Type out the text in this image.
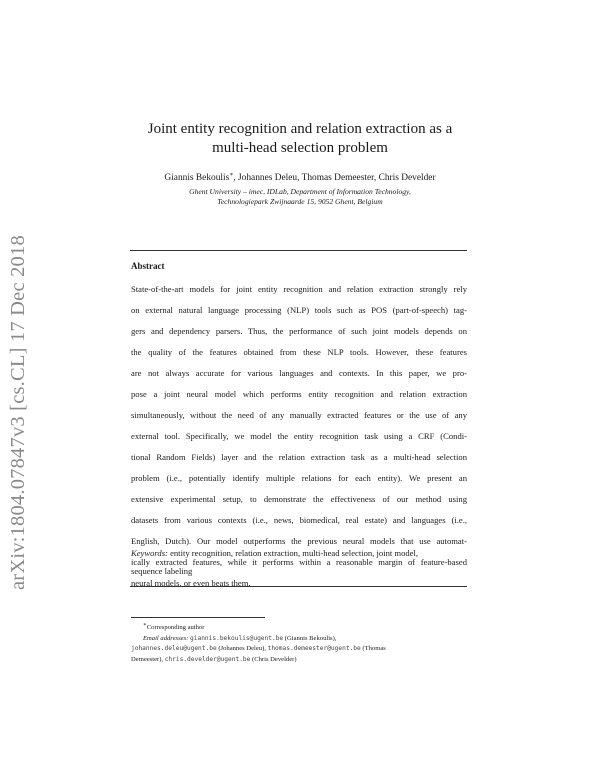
arXiv:1804.07847v3 [cs.CL] 17 Dec 2018
Joint entity recognition and relation extraction as a
multi-head selection problem
Giannis Bekoulis∗, Johannes Deleu, Thomas Demeester, Chris Develder
Ghent University – imec, IDLab, Department of Information Technology,
Technologiepark Zwijnaarde 15, 9052 Ghent, Belgium
Abstract
State-of-the-art models for joint entity recognition and relation extraction strongly rely
on external natural language processing (NLP) tools such as POS (part-of-speech) tag-
gers and dependency parsers. Thus, the performance of such joint models depends on
the quality of the features obtained from these NLP tools. However, these features
are not always accurate for various languages and contexts. In this paper, we pro-
pose a joint neural model which performs entity recognition and relation extraction
simultaneously, without the need of any manually extracted features or the use of any
external tool. Specifically, we model the entity recognition task using a CRF (Condi-
tional Random Fields) layer and the relation extraction task as a multi-head selection
problem (i.e., potentially identify multiple relations for each entity). We present an
extensive experimental setup, to demonstrate the effectiveness of our method using
datasets from various contexts (i.e., news, biomedical, real estate) and languages (i.e.,
English, Dutch). Our model outperforms the previous neural models that use automat-
ically extracted features, while it performs within a reasonable margin of feature-based
neural models, or even beats them.
Keywords: entity recognition, relation extraction, multi-head selection, joint model,
sequence labeling
∗Corresponding author
Email addresses: giannis.bekoulis@ugent.be (Giannis Bekoulis),
johannes.deleu@ugent.be (Johannes Deleu), thomas.demeester@ugent.be (Thomas
Demeester), chris.develder@ugent.be (Chris Develder)
